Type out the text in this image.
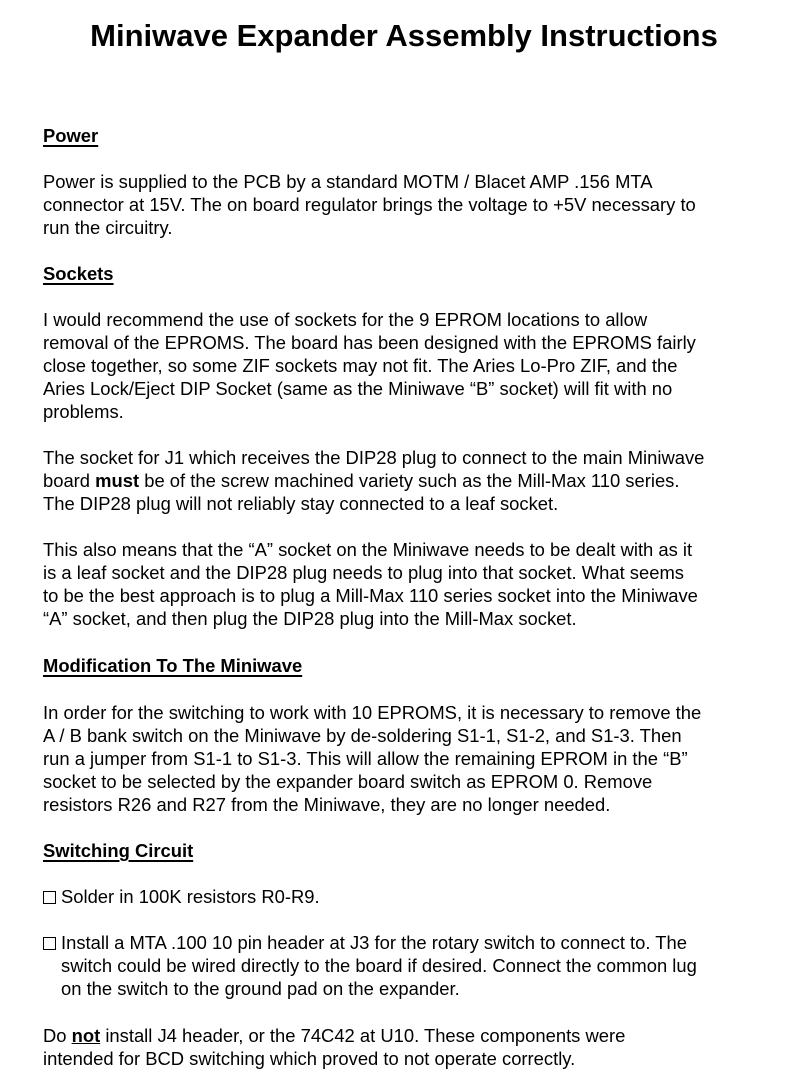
Miniwave Expander Assembly Instructions
Power
Power is supplied to the PCB by a standard MOTM / Blacet AMP .156 MTA
connector at 15V. The on board regulator brings the voltage to +5V necessary to
run the circuitry.
Sockets
I would recommend the use of sockets for the 9 EPROM locations to allow
removal of the EPROMS. The board has been designed with the EPROMS fairly
close together, so some ZIF sockets may not fit. The Aries Lo-Pro ZIF, and the
Aries Lock/Eject DIP Socket (same as the Miniwave “B” socket) will fit with no
problems.
The socket for J1 which receives the DIP28 plug to connect to the main Miniwave
board must be of the screw machined variety such as the Mill-Max 110 series.
The DIP28 plug will not reliably stay connected to a leaf socket.
This also means that the “A” socket on the Miniwave needs to be dealt with as it
is a leaf socket and the DIP28 plug needs to plug into that socket. What seems
to be the best approach is to plug a Mill-Max 110 series socket into the Miniwave
“A” socket, and then plug the DIP28 plug into the Mill-Max socket.
Modification To The Miniwave
In order for the switching to work with 10 EPROMS, it is necessary to remove the
A / B bank switch on the Miniwave by de-soldering S1-1, S1-2, and S1-3. Then
run a jumper from S1-1 to S1-3. This will allow the remaining EPROM in the “B”
socket to be selected by the expander board switch as EPROM 0. Remove
resistors R26 and R27 from the Miniwave, they are no longer needed.
Switching Circuit
Solder in 100K resistors R0-R9.
Install a MTA .100 10 pin header at J3 for the rotary switch to connect to. The
switch could be wired directly to the board if desired. Connect the common lug
on the switch to the ground pad on the expander.
Do not install J4 header, or the 74C42 at U10. These components were
intended for BCD switching which proved to not operate correctly.
